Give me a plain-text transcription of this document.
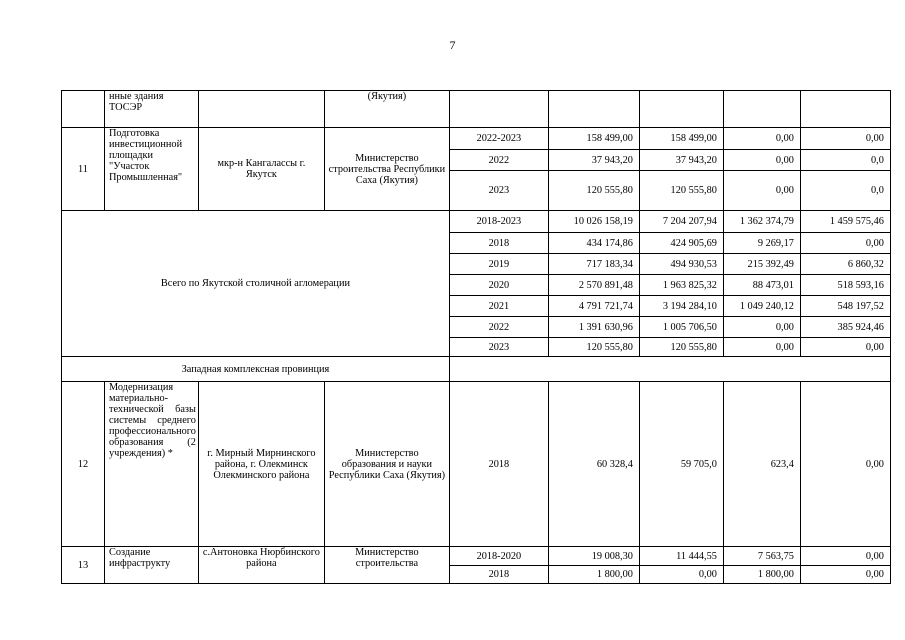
7
	нные здания ТОСЭР		(Якутия)					
11	Подготовка инвестиционной площадки "Участок Промышленная"	мкр-н Кангаласcы г. Якутск	Министерство строительства Республики Саха (Якутия)	2022-2023	158 499,00	158 499,00	0,00	0,00
				2022	37 943,20	37 943,20	0,00	0,0
				2023	120 555,80	120 555,80	0,00	0,0
Всего по Якутской столичной агломерации				2018-2023	10 026 158,19	7 204 207,94	1 362 374,79	1 459 575,46
				2018	434 174,86	424 905,69	9 269,17	0,00
				2019	717 183,34	494 930,53	215 392,49	6 860,32
				2020	2 570 891,48	1 963 825,32	88 473,01	518 593,16
				2021	4 791 721,74	3 194 284,10	1 049 240,12	548 197,52
				2022	1 391 630,96	1 005 706,50	0,00	385 924,46
				2023	120 555,80	120 555,80	0,00	0,00
Западная комплексная провинция								
12	Модернизация материально-технической базы системы среднего профессионального образования (2 учреждения) *	г. Мирный Мирнинского района, г. Олекминск Олекминского района	Министерство образования и науки Республики Саха (Якутия)	2018	60 328,4	59 705,0	623,4	0,00
13	Создание инфраструкту	с.Антоновка Нюрбинского района	Министерство строительства	2018-2020	19 008,30	11 444,55	7 563,75	0,00
				2018	1 800,00	0,00	1 800,00	0,00
